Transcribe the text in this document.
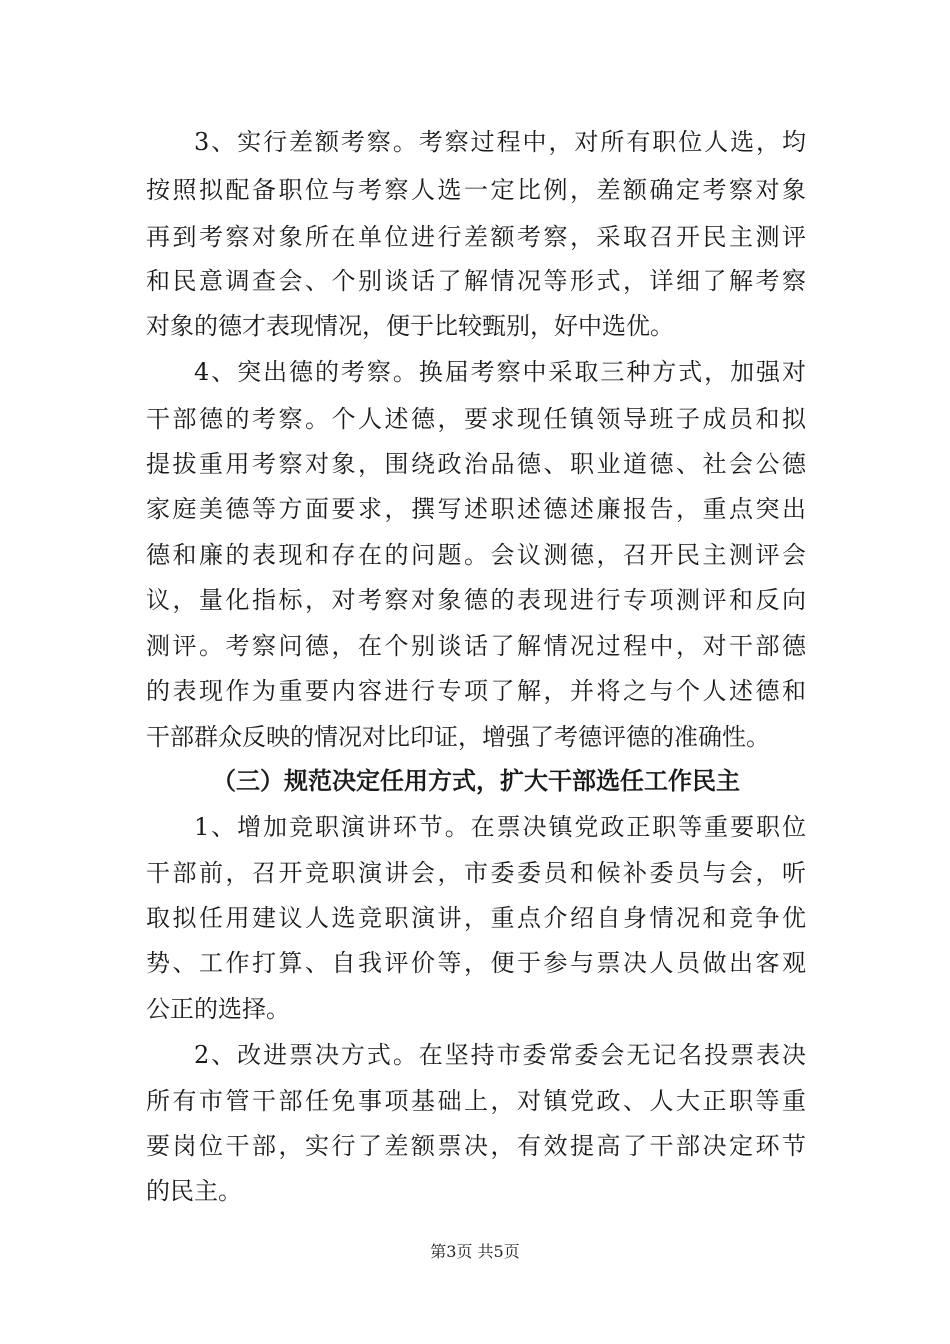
3、实行差额考察。考察过程中，对所有职位人选，均
按照拟配备职位与考察人选一定比例，差额确定考察对象
再到考察对象所在单位进行差额考察，采取召开民主测评
和民意调查会、个别谈话了解情况等形式，详细了解考察
对象的德才表现情况，便于比较甄别，好中选优。
4、突出德的考察。换届考察中采取三种方式，加强对
干部德的考察。个人述德，要求现任镇领导班子成员和拟
提拔重用考察对象，围绕政治品德、职业道德、社会公德
家庭美德等方面要求，撰写述职述德述廉报告，重点突出
德和廉的表现和存在的问题。会议测德，召开民主测评会
议，量化指标，对考察对象德的表现进行专项测评和反向
测评。考察问德，在个别谈话了解情况过程中，对干部德
的表现作为重要内容进行专项了解，并将之与个人述德和
干部群众反映的情况对比印证，增强了考德评德的准确性。
（三）规范决定任用方式，扩大干部选任工作民主
1、增加竞职演讲环节。在票决镇党政正职等重要职位
干部前，召开竞职演讲会，市委委员和候补委员与会，听
取拟任用建议人选竞职演讲，重点介绍自身情况和竞争优
势、工作打算、自我评价等，便于参与票决人员做出客观
公正的选择。
2、改进票决方式。在坚持市委常委会无记名投票表决
所有市管干部任免事项基础上，对镇党政、人大正职等重
要岗位干部，实行了差额票决，有效提高了干部决定环节
的民主。
第3页 共5页
